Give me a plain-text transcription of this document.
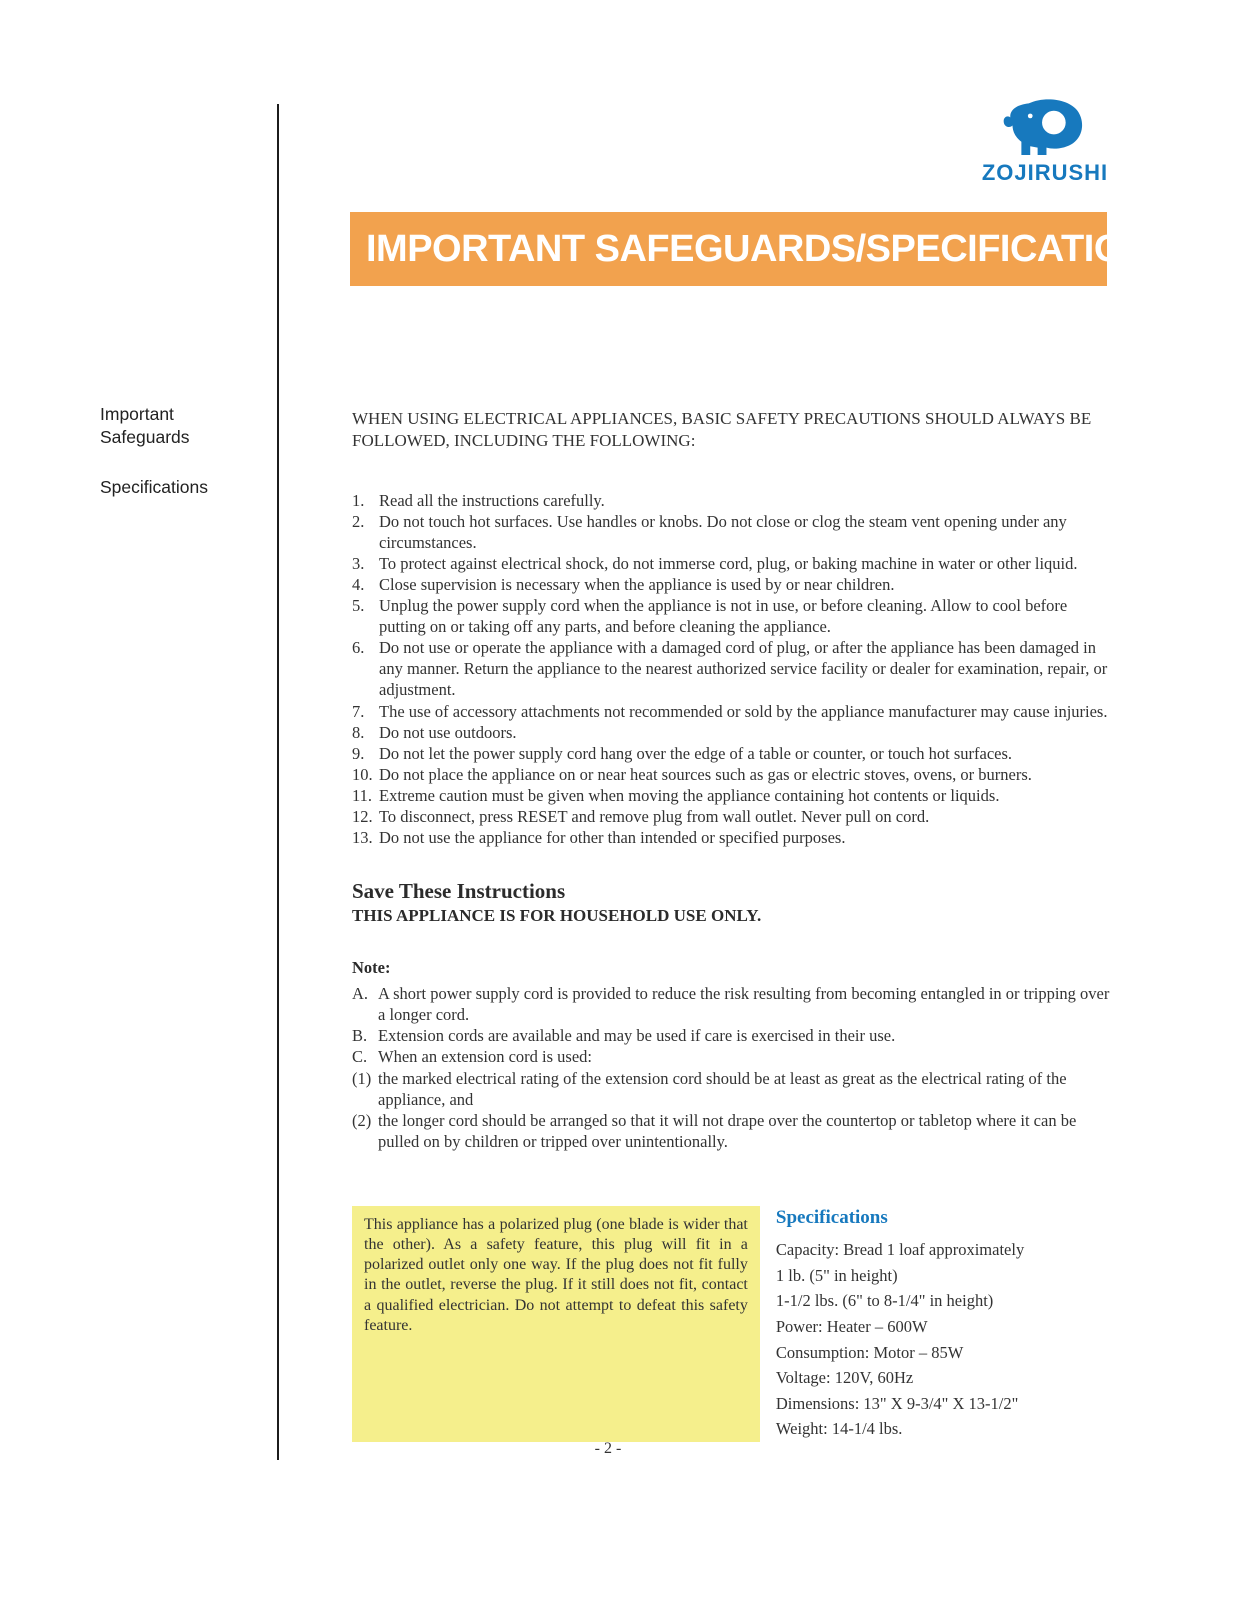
ZOJIRUSHI
IMPORTANT SAFEGUARDS/SPECIFICATIONS
Important Safeguards
Specifications
WHEN USING ELECTRICAL APPLIANCES, BASIC SAFETY PRECAUTIONS SHOULD ALWAYS BE FOLLOWED, INCLUDING THE FOLLOWING:
1. Read all the instructions carefully.
2. Do not touch hot surfaces. Use handles or knobs. Do not close or clog the steam vent opening under any circumstances.
3. To protect against electrical shock, do not immerse cord, plug, or baking machine in water or other liquid.
4. Close supervision is necessary when the appliance is used by or near children.
5. Unplug the power supply cord when the appliance is not in use, or before cleaning. Allow to cool before putting on or taking off any parts, and before cleaning the appliance.
6. Do not use or operate the appliance with a damaged cord of plug, or after the appliance has been damaged in any manner. Return the appliance to the nearest authorized service facility or dealer for examination, repair, or adjustment.
7. The use of accessory attachments not recommended or sold by the appliance manufacturer may cause injuries.
8. Do not use outdoors.
9. Do not let the power supply cord hang over the edge of a table or counter, or touch hot surfaces.
10. Do not place the appliance on or near heat sources such as gas or electric stoves, ovens, or burners.
11. Extreme caution must be given when moving the appliance containing hot contents or liquids.
12. To disconnect, press RESET and remove plug from wall outlet. Never pull on cord.
13. Do not use the appliance for other than intended or specified purposes.
Save These Instructions
THIS APPLIANCE IS FOR HOUSEHOLD USE ONLY.
Note:
A. A short power supply cord is provided to reduce the risk resulting from becoming entangled in or tripping over a longer cord.
B. Extension cords are available and may be used if care is exercised in their use.
C. When an extension cord is used:
(1) the marked electrical rating of the extension cord should be at least as great as the electrical rating of the appliance, and
(2) the longer cord should be arranged so that it will not drape over the countertop or tabletop where it can be pulled on by children or tripped over unintentionally.
This appliance has a polarized plug (one blade is wider that the other). As a safety feature, this plug will fit in a polarized outlet only one way. If the plug does not fit fully in the outlet, reverse the plug. If it still does not fit, contact a qualified electrician. Do not attempt to defeat this safety feature.
Specifications
Capacity: Bread 1 loaf approximately
1 lb. (5" in height)
1-1/2 lbs. (6" to 8-1/4" in height)
Power: Heater – 600W
Consumption: Motor – 85W
Voltage: 120V, 60Hz
Dimensions: 13" X 9-3/4" X 13-1/2"
Weight: 14-1/4 lbs.
- 2 -
